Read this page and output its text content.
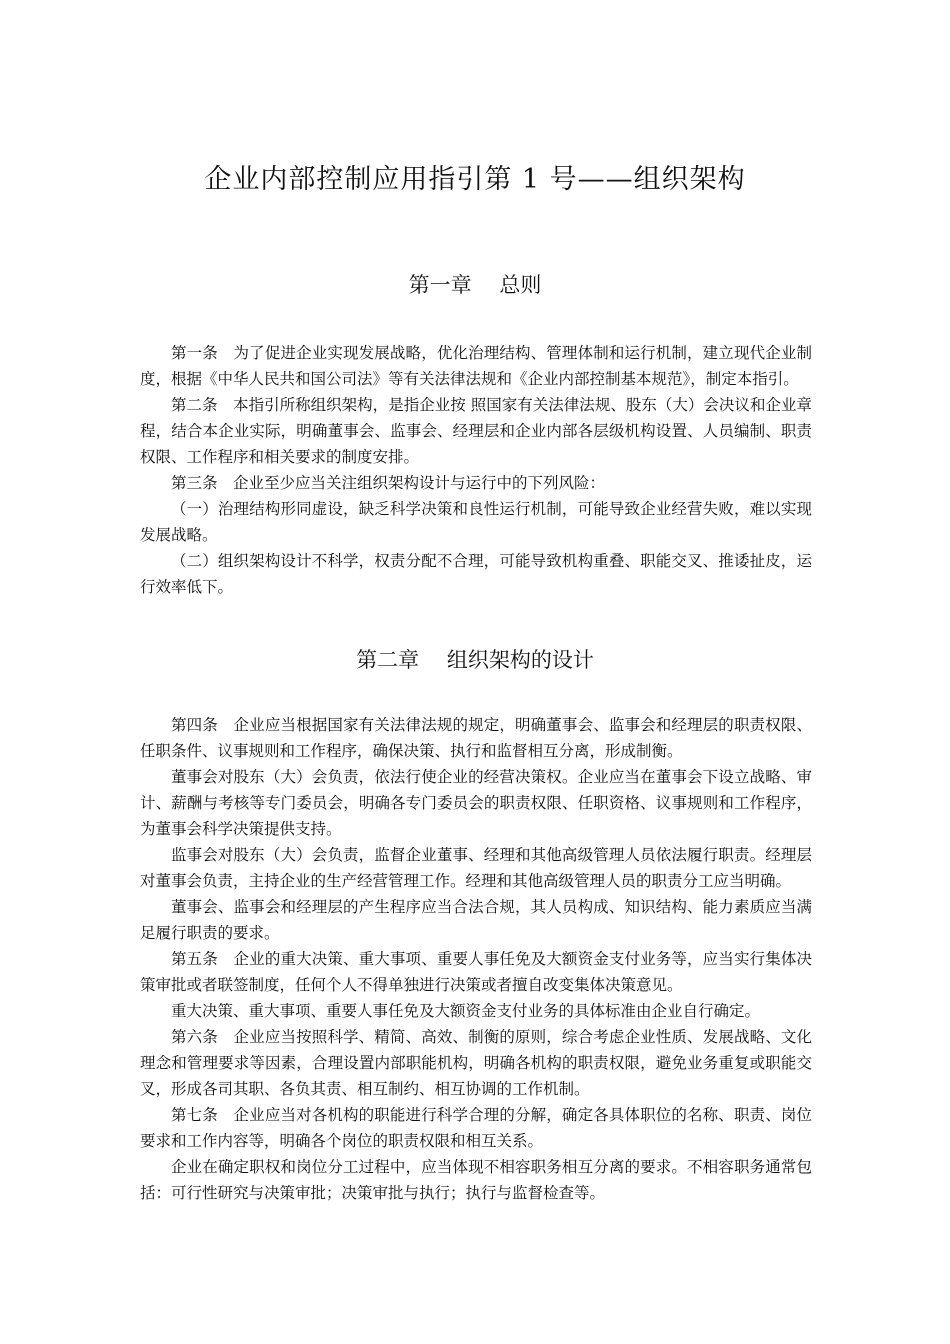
企业内部控制应用指引第 1 号——组织架构
第一章　 总则

第一条　为了促进企业实现发展战略，优化治理结构、管理体制和运行机制，建立现代企业制度，根据《中华人民共和国公司法》等有关法律法规和《企业内部控制基本规范》，制定本指引。

第二条　本指引所称组织架构，是指企业按 照国家有关法律法规、股东（大）会决议和企业章程，结合本企业实际，明确董事会、监事会、经理层和企业内部各层级机构设置、人员编制、职责权限、工作程序和相关要求的制度安排。

第三条　企业至少应当关注组织架构设计与运行中的下列风险：

（一）治理结构形同虚设，缺乏科学决策和良性运行机制，可能导致企业经营失败，难以实现发展战略。

（二）组织架构设计不科学，权责分配不合理，可能导致机构重叠、职能交叉、推诿扯皮，运行效率低下。

第二章　 组织架构的设计

第四条　企业应当根据国家有关法律法规的规定，明确董事会、监事会和经理层的职责权限、任职条件、议事规则和工作程序，确保决策、执行和监督相互分离，形成制衡。

董事会对股东（大）会负责，依法行使企业的经营决策权。企业应当在董事会下设立战略、审计、薪酬与考核等专门委员会，明确各专门委员会的职责权限、任职资格、议事规则和工作程序，为董事会科学决策提供支持。

监事会对股东（大）会负责，监督企业董事、经理和其他高级管理人员依法履行职责。经理层对董事会负责，主持企业的生产经营管理工作。经理和其他高级管理人员的职责分工应当明确。

董事会、监事会和经理层的产生程序应当合法合规，其人员构成、知识结构、能力素质应当满足履行职责的要求。

第五条　企业的重大决策、重大事项、重要人事任免及大额资金支付业务等，应当实行集体决策审批或者联签制度，任何个人不得单独进行决策或者擅自改变集体决策意见。

重大决策、重大事项、重要人事任免及大额资金支付业务的具体标准由企业自行确定。

第六条　企业应当按照科学、精简、高效、制衡的原则，综合考虑企业性质、发展战略、文化理念和管理要求等因素，合理设置内部职能机构，明确各机构的职责权限，避免业务重复或职能交叉，形成各司其职、各负其责、相互制约、相互协调的工作机制。

第七条　企业应当对各机构的职能进行科学合理的分解，确定各具体职位的名称、职责、岗位要求和工作内容等，明确各个岗位的职责权限和相互关系。

企业在确定职权和岗位分工过程中，应当体现不相容职务相互分离的要求。不相容职务通常包括：可行性研究与决策审批；决策审批与执行；执行与监督检查等。
